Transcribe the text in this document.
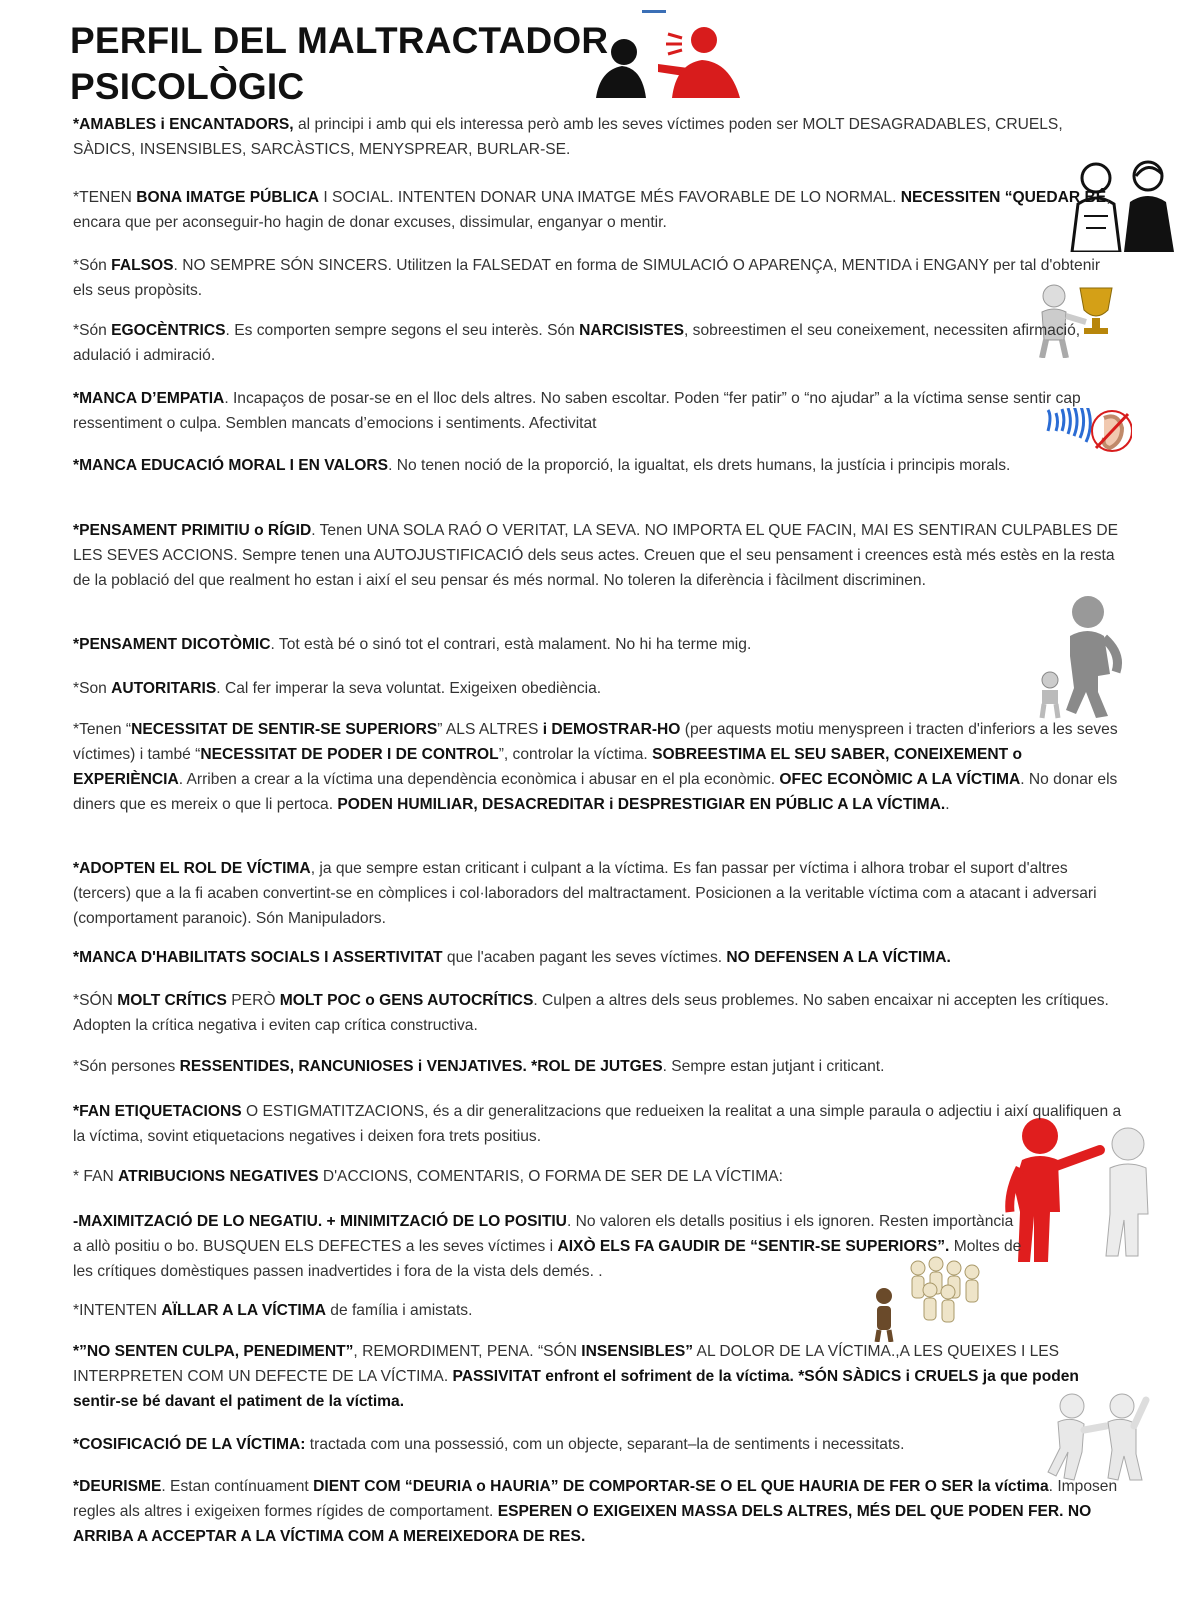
PERFIL DEL MALTRACTADOR
PSICOLÒGIC

*AMABLES i ENCANTADORS, al principi i amb qui els interessa però amb les seves víctimes poden ser MOLT DESAGRADABLES, CRUELS, SÀDICS, INSENSIBLES, SARCÀSTICS, MENYSPREAR, BURLAR-SE.

*TENEN BONA IMATGE PÚBLICA I SOCIAL. INTENTEN DONAR UNA IMATGE MÉS FAVORABLE DE LO NORMAL. NECESSITEN “QUEDAR BÉ, encara que per aconseguir-ho hagin de donar excuses, dissimular, enganyar o mentir.

*Són FALSOS. NO SEMPRE SÓN SINCERS. Utilitzen la FALSEDAT en forma de SIMULACIÓ O APARENÇA, MENTIDA i ENGANY per tal d'obtenir els seus propòsits.

*Són EGOCÈNTRICS. Es comporten sempre segons el seu interès. Són NARCISISTES, sobreestimen el seu coneixement, necessiten afirmació, adulació i admiració.

*MANCA D’EMPATIA. Incapaços de posar-se en el lloc dels altres. No saben escoltar. Poden “fer patir” o “no ajudar” a la víctima sense sentir cap ressentiment o culpa. Semblen mancats d’emocions i sentiments. Afectivitat

*MANCA EDUCACIÓ MORAL I EN VALORS. No tenen noció de la proporció, la igualtat, els drets humans, la justícia i principis morals.

*PENSAMENT PRIMITIU o RÍGID. Tenen UNA SOLA RAÓ O VERITAT, LA SEVA. NO IMPORTA EL QUE FACIN, MAI ES SENTIRAN CULPABLES DE LES SEVES ACCIONS. Sempre tenen una AUTOJUSTIFICACIÓ dels seus actes. Creuen que el seu pensament i creences està més estès en la resta de la població del que realment ho estan i així el seu pensar és més normal. No toleren la diferència i fàcilment discriminen.

*PENSAMENT DICOTÒMIC. Tot està bé o sinó tot el contrari, està malament. No hi ha terme mig.

*Son AUTORITARIS. Cal fer imperar la seva voluntat. Exigeixen obediència.

*Tenen “NECESSITAT DE SENTIR-SE SUPERIORS” ALS ALTRES i DEMOSTRAR-HO (per aquests motiu menyspreen i tracten d'inferiors a les seves víctimes) i també “NECESSITAT DE PODER I DE CONTROL”, controlar la víctima. SOBREESTIMA EL SEU SABER, CONEIXEMENT o EXPERIÈNCIA. Arriben a crear a la víctima una dependència econòmica i abusar en el pla econòmic. OFEC ECONÒMIC A LA VÍCTIMA. No donar els diners que es mereix o que li pertoca. PODEN HUMILIAR, DESACREDITAR i DESPRESTIGIAR EN PÚBLIC A LA VÍCTIMA..

*ADOPTEN EL ROL DE VÍCTIMA, ja que sempre estan criticant i culpant a la víctima. Es fan passar per víctima i alhora trobar el suport d'altres (tercers) que a la fi acaben convertint-se en còmplices i col·laboradors del maltractament. Posicionen a la veritable víctima com a atacant i adversari (comportament paranoic). Són Manipuladors.

*MANCA D'HABILITATS SOCIALS I ASSERTIVITAT que l'acaben pagant les seves víctimes. NO DEFENSEN A LA VÍCTIMA.

*SÓN MOLT CRÍTICS PERÒ MOLT POC o GENS AUTOCRÍTICS. Culpen a altres dels seus problemes. No saben encaixar ni accepten les crítiques. Adopten la crítica negativa i eviten cap crítica constructiva.

*Són persones RESSENTIDES, RANCUNIOSES i VENJATIVES. *ROL DE JUTGES. Sempre estan jutjant i criticant.

*FAN ETIQUETACIONS O ESTIGMATITZACIONS, és a dir generalitzacions que redueixen la realitat a una simple paraula o adjectiu i així qualifiquen a la víctima, sovint etiquetacions negatives i deixen fora trets positius.

* FAN ATRIBUCIONS NEGATIVES D'ACCIONS, COMENTARIS, O FORMA DE SER DE LA VÍCTIMA:

-MAXIMITZACIÓ DE LO NEGATIU. + MINIMITZACIÓ DE LO POSITIU. No valoren els detalls positius i els ignoren. Resten importància a allò positiu o bo. BUSQUEN ELS DEFECTES a les seves víctimes i AIXÒ ELS FA GAUDIR DE “SENTIR-SE SUPERIORS”. Moltes de les crítiques domèstiques passen inadvertides i fora de la vista dels demés. .

*INTENTEN AÏLLAR A LA VÍCTIMA de família i amistats.

*”NO SENTEN CULPA, PENEDIMENT”, REMORDIMENT, PENA. “SÓN INSENSIBLES” AL DOLOR DE LA VÍCTIMA.,A LES QUEIXES I LES INTERPRETEN COM UN DEFECTE DE LA VÍCTIMA. PASSIVITAT enfront el sofriment de la víctima. *SÓN SÀDICS i CRUELS ja que poden sentir-se bé davant el patiment de la víctima.

*COSIFICACIÓ DE LA VÍCTIMA: tractada com una possessió, com un objecte, separant–la de sentiments i necessitats.

*DEURISME. Estan contínuament DIENT COM “DEURIA o HAURIA” DE COMPORTAR-SE O EL QUE HAURIA DE FER O SER la víctima. Imposen regles als altres i exigeixen formes rígides de comportament. ESPEREN O EXIGEIXEN MASSA DELS ALTRES, MÉS DEL QUE PODEN FER. NO ARRIBA A ACCEPTAR A LA VÍCTIMA COM A MEREIXEDORA DE RES.
